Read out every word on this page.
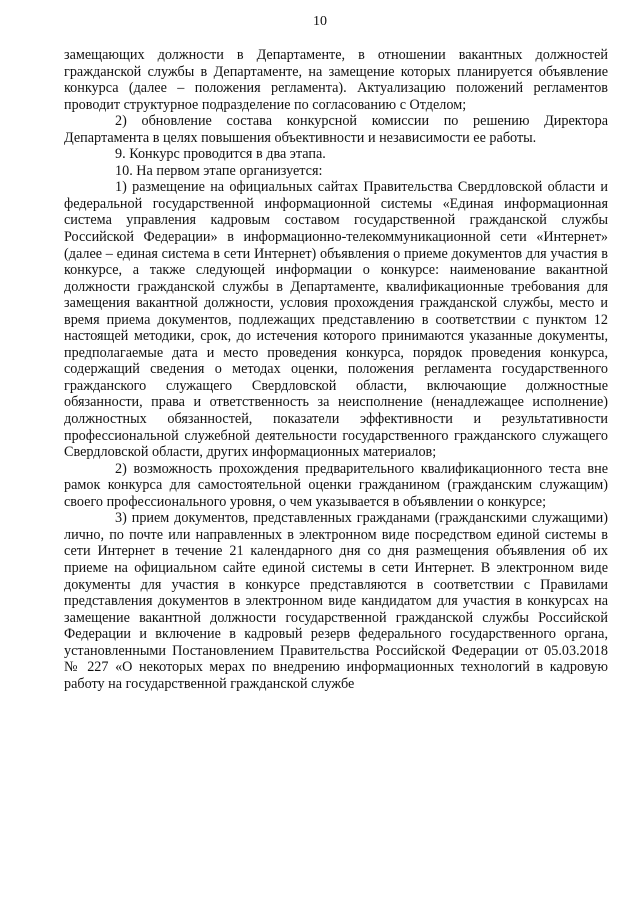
10

замещающих должности в Департаменте, в отношении вакантных должностей гражданской службы в Департаменте, на замещение которых планируется объявление конкурса (далее – положения регламента). Актуализацию положений регламентов проводит структурное подразделение по согласованию с Отделом;

2) обновление состава конкурсной комиссии по решению Директора Департамента в целях повышения объективности и независимости ее работы.

9. Конкурс проводится в два этапа.

10. На первом этапе организуется:

1) размещение на официальных сайтах Правительства Свердловской области и федеральной государственной информационной системы «Единая информационная система управления кадровым составом государственной гражданской службы Российской Федерации» в информационно-телекоммуникационной сети «Интернет» (далее – единая система в сети Интернет) объявления о приеме документов для участия в конкурсе, а также следующей информации о конкурсе: наименование вакантной должности гражданской службы в Департаменте, квалификационные требования для замещения вакантной должности, условия прохождения гражданской службы, место и время приема документов, подлежащих представлению в соответствии с пунктом 12 настоящей методики, срок, до истечения которого принимаются указанные документы, предполагаемые дата и место проведения конкурса, порядок проведения конкурса, содержащий сведения о методах оценки, положения регламента государственного гражданского служащего Свердловской области, включающие должностные обязанности, права и ответственность за неисполнение (ненадлежащее исполнение) должностных обязанностей, показатели эффективности и результативности профессиональной служебной деятельности государственного гражданского служащего Свердловской области, других информационных материалов;

2) возможность прохождения предварительного квалификационного теста вне рамок конкурса для самостоятельной оценки гражданином (гражданским служащим) своего профессионального уровня, о чем указывается в объявлении о конкурсе;

3) прием документов, представленных гражданами (гражданскими служащими) лично, по почте или направленных в электронном виде посредством единой системы в сети Интернет в течение 21 календарного дня со дня размещения объявления об их приеме на официальном сайте единой системы в сети Интернет. В электронном виде документы для участия в конкурсе представляются в соответствии с Правилами представления документов в электронном виде кандидатом для участия в конкурсах на замещение вакантной должности государственной гражданской службы Российской Федерации и включение в кадровый резерв федерального государственного органа, установленными Постановлением Правительства Российской Федерации от 05.03.2018 № 227 «О некоторых мерах по внедрению информационных технологий в кадровую работу на государственной гражданской службе
